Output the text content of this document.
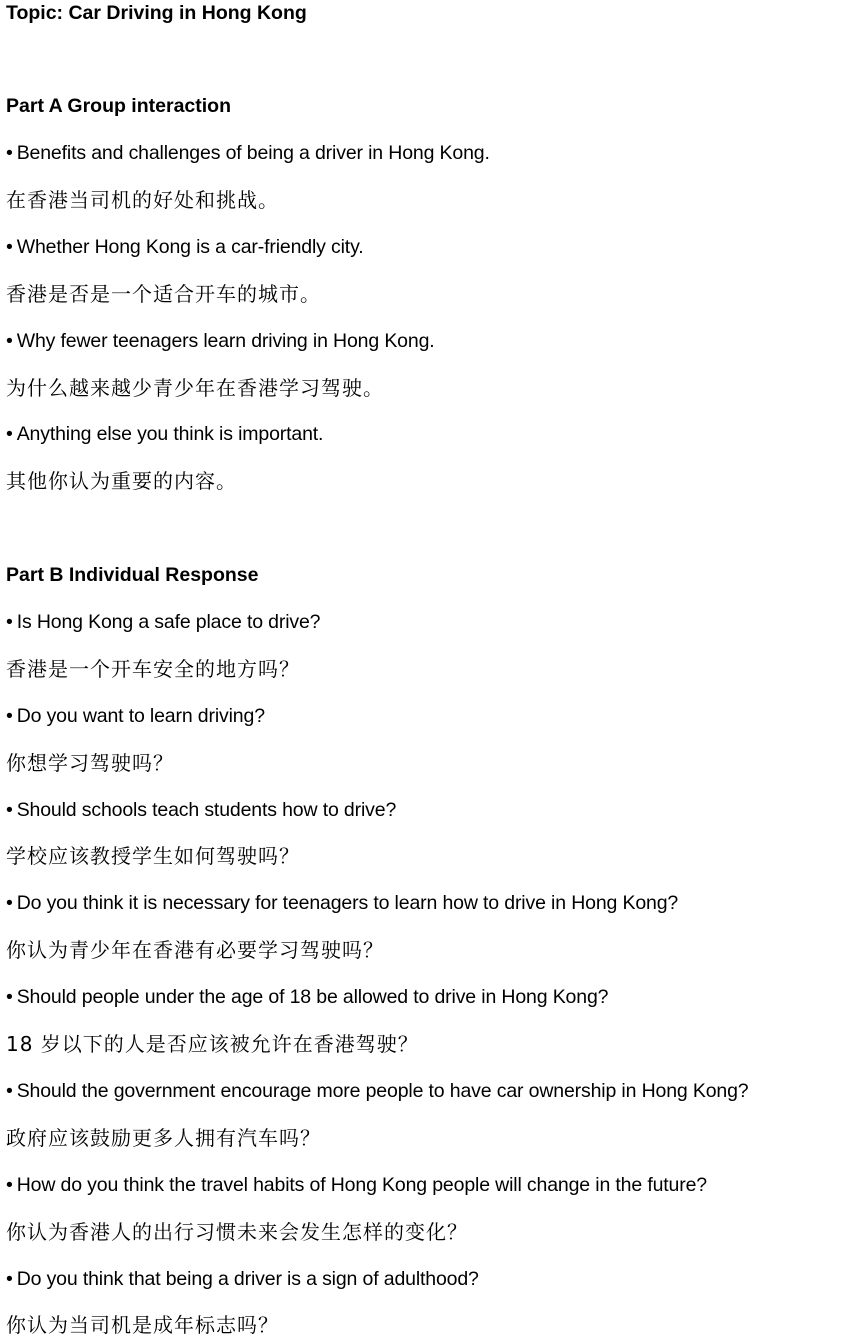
Topic: Car Driving in Hong Kong
Part A Group interaction
• Benefits and challenges of being a driver in Hong Kong.
在香港当司机的好处和挑战。
• Whether Hong Kong is a car-friendly city.
香港是否是一个适合开车的城市。
• Why fewer teenagers learn driving in Hong Kong.
为什么越来越少青少年在香港学习驾驶。
• Anything else you think is important.
其他你认为重要的内容。
Part B Individual Response
• Is Hong Kong a safe place to drive?
香港是一个开车安全的地方吗？
• Do you want to learn driving?
你想学习驾驶吗？
• Should schools teach students how to drive?
学校应该教授学生如何驾驶吗？
• Do you think it is necessary for teenagers to learn how to drive in Hong Kong?
你认为青少年在香港有必要学习驾驶吗？
• Should people under the age of 18 be allowed to drive in Hong Kong?
18 岁以下的人是否应该被允许在香港驾驶？
• Should the government encourage more people to have car ownership in Hong Kong?
政府应该鼓励更多人拥有汽车吗？
• How do you think the travel habits of Hong Kong people will change in the future?
你认为香港人的出行习惯未来会发生怎样的变化？
• Do you think that being a driver is a sign of adulthood?
你认为当司机是成年标志吗？
